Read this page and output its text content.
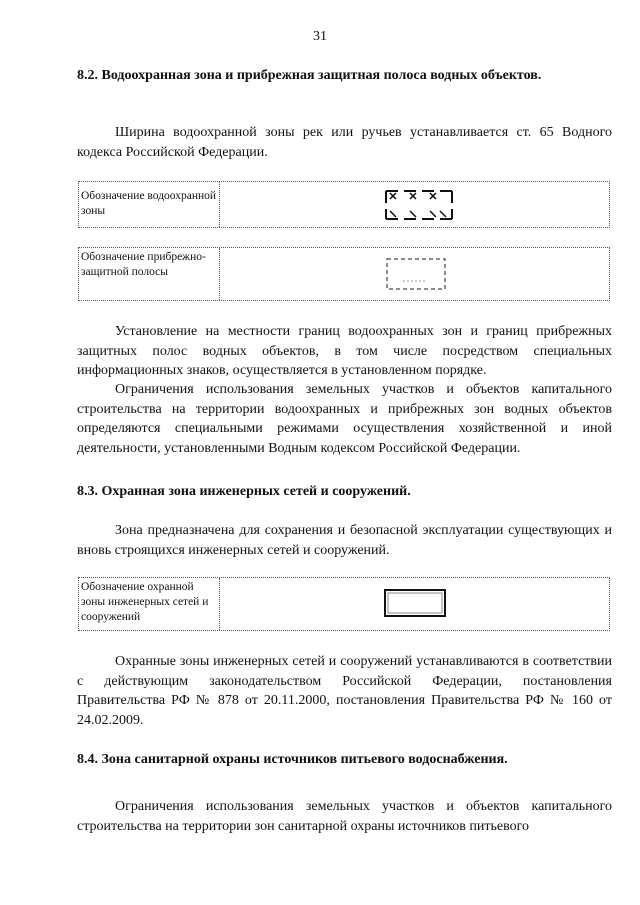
31
8.2. Водоохранная зона и прибрежная защитная полоса водных объектов.
Ширина водоохранной зоны рек или ручьев устанавливается ст. 65 Водного кодекса Российской Федерации.
Обозначение водоохранной зоны
Обозначение прибрежно-защитной полосы
Установление на местности границ водоохранных зон и границ прибрежных защитных полос водных объектов, в том числе посредством специальных информационных знаков, осуществляется в установленном порядке.
Ограничения использования земельных участков и объектов капитального строительства на территории водоохранных и прибрежных зон водных объектов определяются специальными режимами осуществления хозяйственной и иной деятельности, установленными Водным кодексом Российской Федерации.
8.3. Охранная зона инженерных сетей и сооружений.
Зона предназначена для сохранения и безопасной эксплуатации существующих и вновь строящихся инженерных сетей и сооружений.
Обозначение охранной зоны инженерных сетей и сооружений
Охранные зоны инженерных сетей и сооружений устанавливаются в соответствии с действующим законодательством Российской Федерации, постановления Правительства РФ № 878 от 20.11.2000, постановления Правительства РФ № 160 от 24.02.2009.
8.4. Зона санитарной охраны источников питьевого водоснабжения.
Ограничения использования земельных участков и объектов капитального строительства на территории зон санитарной охраны источников питьевого
